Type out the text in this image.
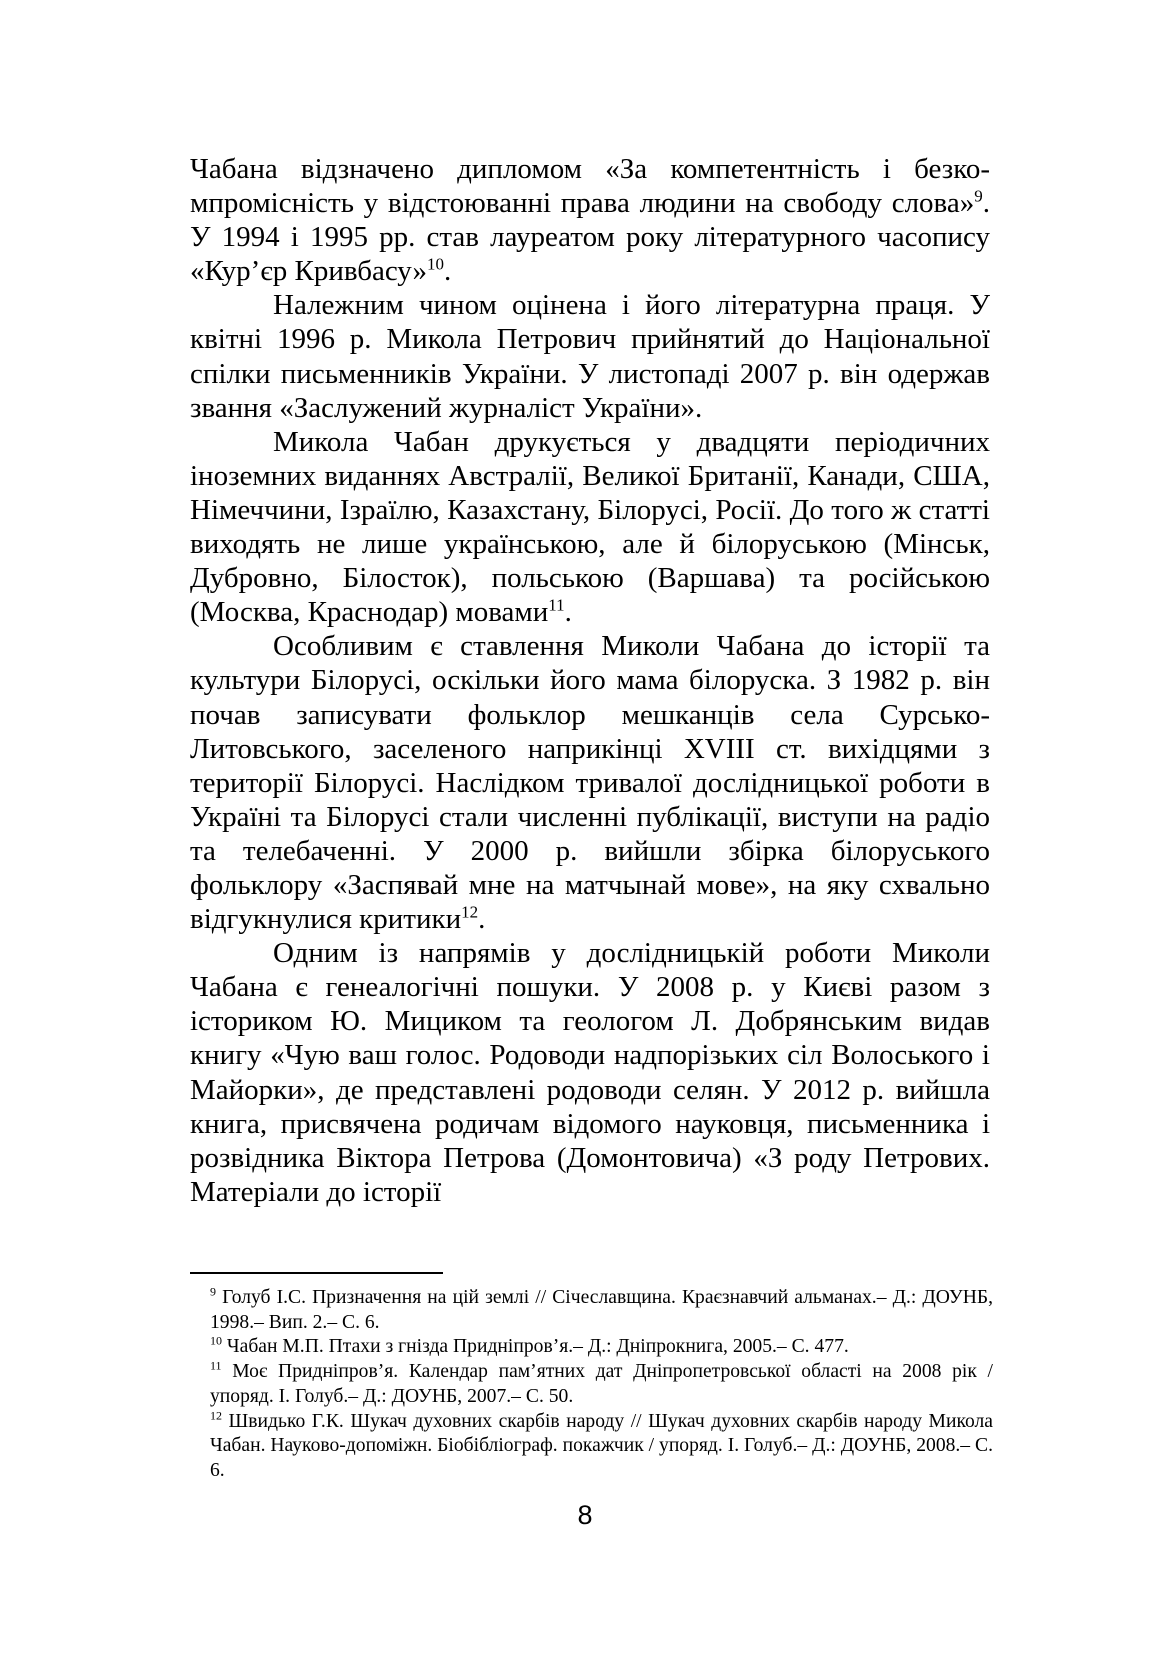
Чабана відзначено дипломом «За компетентність і безкомпромісність у відстоюванні права людини на свободу слова»$^9$. У 1994 і 1995 рр. став лауреатом року літературного часопису «Кур’єр Кривбасу»$^{10}$.

Належним чином оцінена і його літературна праця. У квітні 1996 р. Микола Петрович прийнятий до Національної спілки письменників України. У листопаді 2007 р. він одержав звання «Заслужений журналіст України».

Микола Чабан друкується у двадцяти періодичних іноземних виданнях Австралії, Великої Британії, Канади, США, Німеччини, Ізраїлю, Казахстану, Білорусі, Росії. До того ж статті виходять не лише українською, але й білоруською (Мінськ, Дубровно, Білосток), польською (Варшава) та російською (Москва, Краснодар) мовами$^{11}$.

Особливим є ставлення Миколи Чабана до історії та культури Білорусі, оскільки його мама білоруска. З 1982 р. він почав записувати фольклор мешканців села Сурсько-Литовського, заселеного наприкінці XVIII ст. вихідцями з території Білорусі. Наслідком тривалої дослідницької роботи в Україні та Білорусі стали численні публікації, виступи на радіо та телебаченні. У 2000 р. вийшли збірка білоруського фольклору «Заспявай мне на матчынай мове», на яку схвально відгукнулися критики$^{12}$.

Одним із напрямів у дослідницькій роботи Миколи Чабана є генеалогічні пошуки. У 2008 р. у Києві разом з істориком Ю. Мициком та геологом Л. Добрянським видав книгу «Чую ваш голос. Родоводи надпорізьких сіл Волоського і Майорки», де представлені родоводи селян. У 2012 р. вийшла книга, присвячена родичам відомого науковця, письменника і розвідника Віктора Петрова (Домонтовича) «З роду Петрових. Матеріали до історії

$^9$ Голуб І.С. Призначення на цій землі // Січеславщина. Краєзнавчий альманах.– Д.: ДОУНБ, 1998.– Вип. 2.– С. 6.

$^{10}$ Чабан М.П. Птахи з гнізда Придніпров’я.– Д.: Дніпрокнига, 2005.– С. 477.

$^{11}$ Моє Придніпров’я. Календар пам’ятних дат Дніпропетровської області на 2008 рік / упоряд. І. Голуб.– Д.: ДОУНБ, 2007.– С. 50.

$^{12}$ Швидько Г.К. Шукач духовних скарбів народу // Шукач духовних скарбів народу Микола Чабан. Науково-допоміжн. Біобібліограф. покажчик / упоряд. І. Голуб.– Д.: ДОУНБ, 2008.– С. 6.

8
